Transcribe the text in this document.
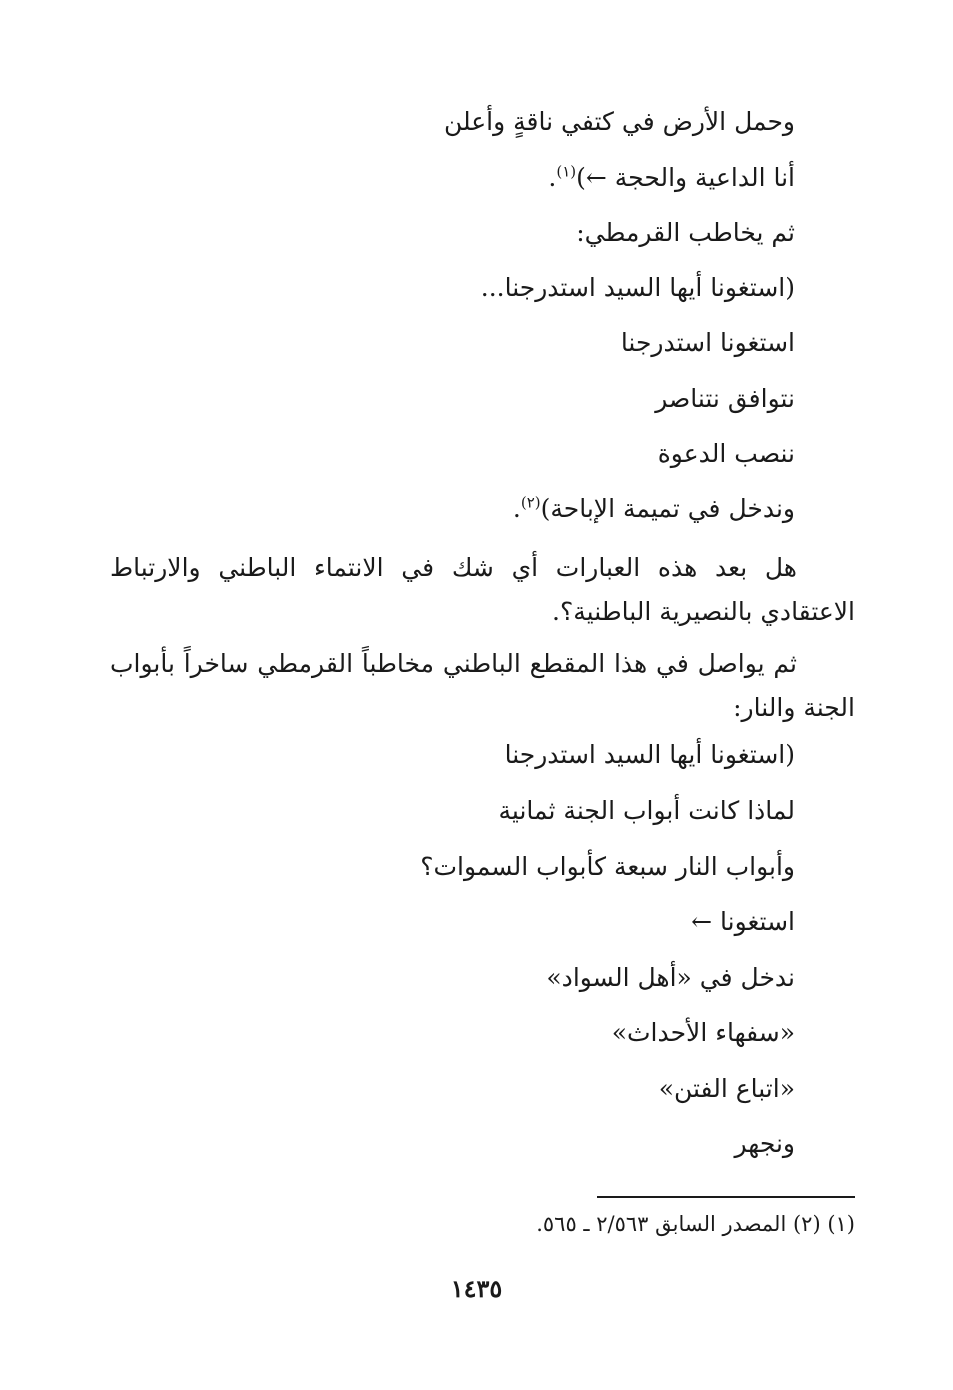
وحمل الأرض في كتفي ناقةٍ وأعلن
أنا الداعية والحجة ←)$^{(١)}$.
ثم يخاطب القرمطي:
(استغونا أيها السيد استدرجنا...
استغونا استدرجنا
نتوافق نتناصر
ننصب الدعوة
وندخل في تميمة الإباحة)$^{(٢)}$.
هل بعد هذه العبارات أي شك في الانتماء الباطني والارتباط
الاعتقادي بالنصيرية الباطنية؟.
ثم يواصل في هذا المقطع الباطني مخاطباً القرمطي ساخراً بأبواب
الجنة والنار:
(استغونا أيها السيد استدرجنا
لماذا كانت أبواب الجنة ثمانية
وأبواب النار سبعة كأبواب السموات؟
استغونا ←
ندخل في «أهل السواد»
«سفهاء الأحداث»
«اتباع الفتن»
ونجهر
(١) (٢) المصدر السابق ٢/٥٦٣ ـ ٥٦٥.
١٤٣٥
